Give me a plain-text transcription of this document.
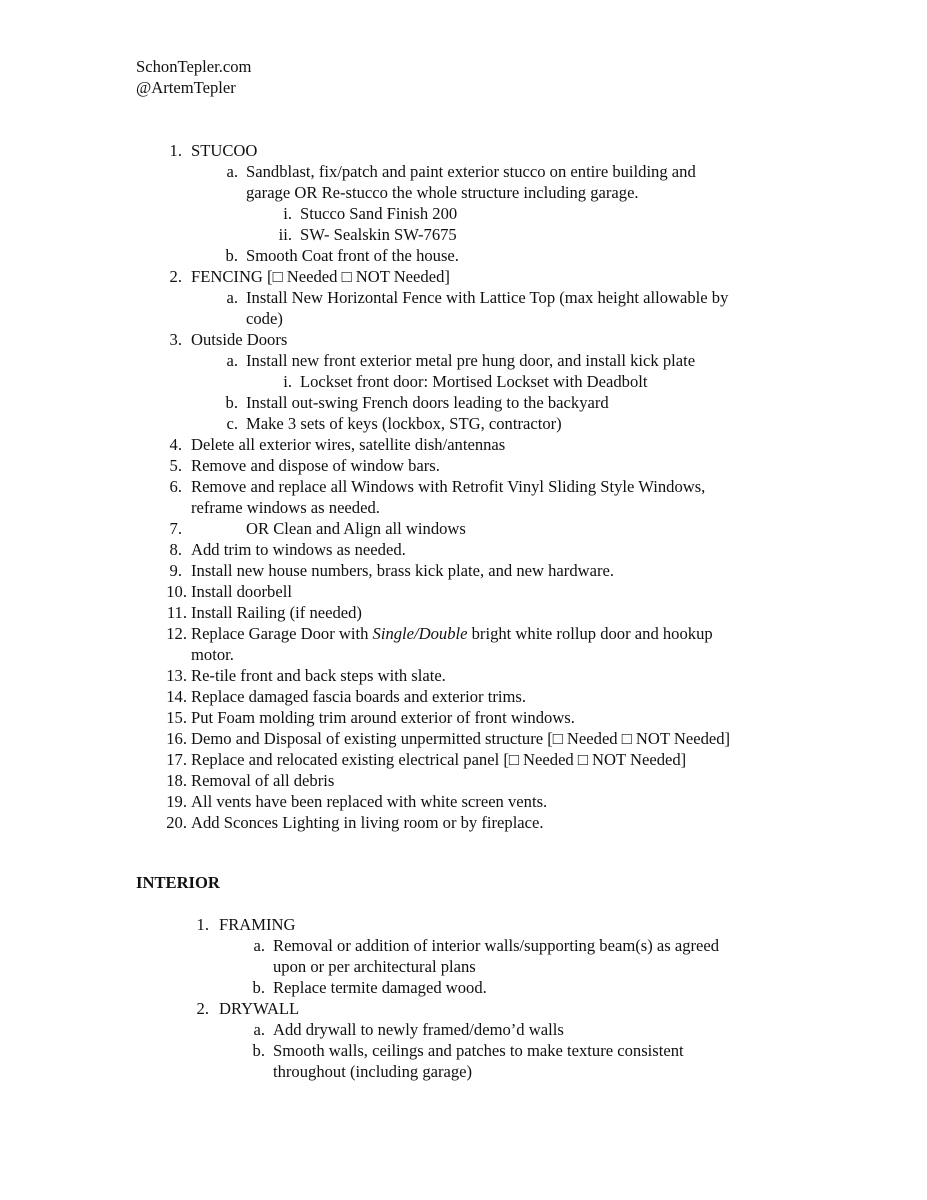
SchonTepler.com
@ArtemTepler
1. STUCOO
a. Sandblast, fix/patch and paint exterior stucco on entire building and
garage OR Re-stucco the whole structure including garage.
i. Stucco Sand Finish 200
ii. SW- Sealskin SW-7675
b. Smooth Coat front of the house.
2. FENCING [□ Needed □ NOT Needed]
a. Install New Horizontal Fence with Lattice Top (max height allowable by
code)
3. Outside Doors
a. Install new front exterior metal pre hung door, and install kick plate
i. Lockset front door: Mortised Lockset with Deadbolt
b. Install out-swing French doors leading to the backyard
c. Make 3 sets of keys (lockbox, STG, contractor)
4. Delete all exterior wires, satellite dish/antennas
5. Remove and dispose of window bars.
6. Remove and replace all Windows with Retrofit Vinyl Sliding Style Windows,
reframe windows as needed.
7.	OR Clean and Align all windows
8. Add trim to windows as needed.
9. Install new house numbers, brass kick plate, and new hardware.
10. Install doorbell
11. Install Railing (if needed)
12. Replace Garage Door with Single/Double bright white rollup door and hookup
motor.
13. Re-tile front and back steps with slate.
14. Replace damaged fascia boards and exterior trims.
15. Put Foam molding trim around exterior of front windows.
16. Demo and Disposal of existing unpermitted structure [□ Needed □ NOT Needed]
17. Replace and relocated existing electrical panel [□ Needed □ NOT Needed]
18. Removal of all debris
19. All vents have been replaced with white screen vents.
20. Add Sconces Lighting in living room or by fireplace.
INTERIOR
1. FRAMING
a. Removal or addition of interior walls/supporting beam(s) as agreed
upon or per architectural plans
b. Replace termite damaged wood.
2. DRYWALL
a. Add drywall to newly framed/demo’d walls
b. Smooth walls, ceilings and patches to make texture consistent
throughout (including garage)
